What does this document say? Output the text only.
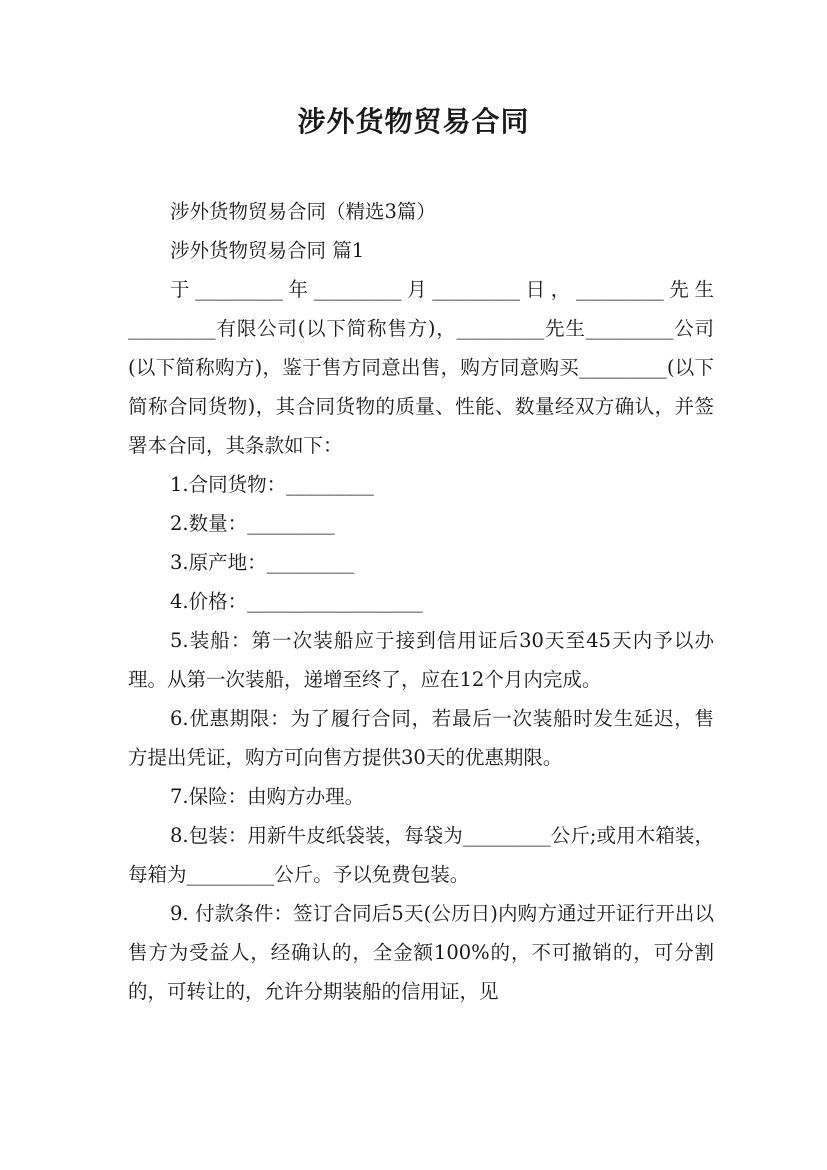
涉外货物贸易合同

涉外货物贸易合同（精选3篇）

涉外货物贸易合同 篇1

于_________年_________月_________日，_________先生_________有限公司(以下简称售方)，_________先生_________公司(以下简称购方)，鉴于售方同意出售，购方同意购买_________(以下简称合同货物)，其合同货物的质量、性能、数量经双方确认，并签署本合同，其条款如下：

1.合同货物：_________

2.数量：_________

3.原产地：_________

4.价格：__________________

5.装船：第一次装船应于接到信用证后30天至45天内予以办理。从第一次装船，递增至终了，应在12个月内完成。

6.优惠期限：为了履行合同，若最后一次装船时发生延迟，售方提出凭证，购方可向售方提供30天的优惠期限。

7.保险：由购方办理。

8.包装：用新牛皮纸袋装，每袋为_________公斤;或用木箱装，每箱为_________公斤。予以免费包装。

9. 付款条件：签订合同后5天(公历日)内购方通过开证行开出以售方为受益人，经确认的，全金额100%的，不可撤销的，可分割的，可转让的，允许分期装船的信用证，见
